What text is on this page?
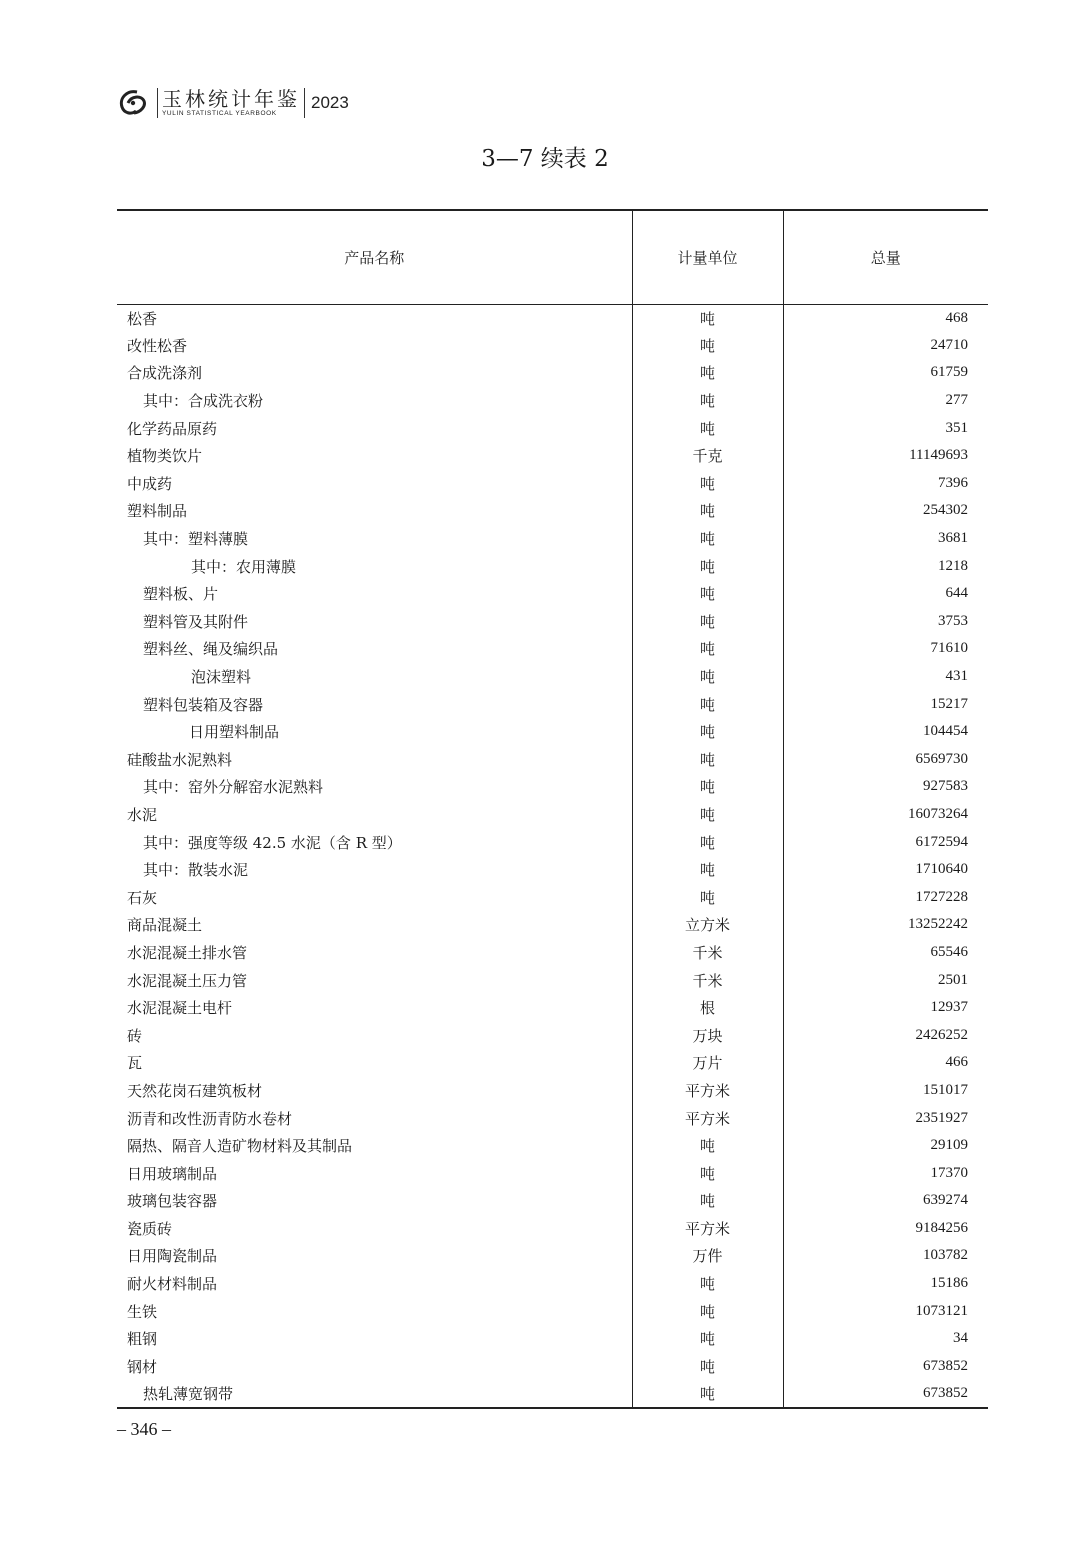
玉林统计年鉴
YULIN STATISTICAL YEARBOOK
2023
3—7 续表 2
产品名称	计量单位	总量
松香	吨	468
改性松香	吨	24710
合成洗涤剂	吨	61759
其中：合成洗衣粉	吨	277
化学药品原药	吨	351
植物类饮片	千克	11149693
中成药	吨	7396
塑料制品	吨	254302
其中：塑料薄膜	吨	3681
其中：农用薄膜	吨	1218
塑料板、片	吨	644
塑料管及其附件	吨	3753
塑料丝、绳及编织品	吨	71610
泡沫塑料	吨	431
塑料包装箱及容器	吨	15217
日用塑料制品	吨	104454
硅酸盐水泥熟料	吨	6569730
其中：窑外分解窑水泥熟料	吨	927583
水泥	吨	16073264
其中：强度等级 42.5 水泥（含 R 型）	吨	6172594
其中：散装水泥	吨	1710640
石灰	吨	1727228
商品混凝土	立方米	13252242
水泥混凝土排水管	千米	65546
水泥混凝土压力管	千米	2501
水泥混凝土电杆	根	12937
砖	万块	2426252
瓦	万片	466
天然花岗石建筑板材	平方米	151017
沥青和改性沥青防水卷材	平方米	2351927
隔热、隔音人造矿物材料及其制品	吨	29109
日用玻璃制品	吨	17370
玻璃包装容器	吨	639274
瓷质砖	平方米	9184256
日用陶瓷制品	万件	103782
耐火材料制品	吨	15186
生铁	吨	1073121
粗钢	吨	34
钢材	吨	673852
热轧薄宽钢带	吨	673852
– 346 –
